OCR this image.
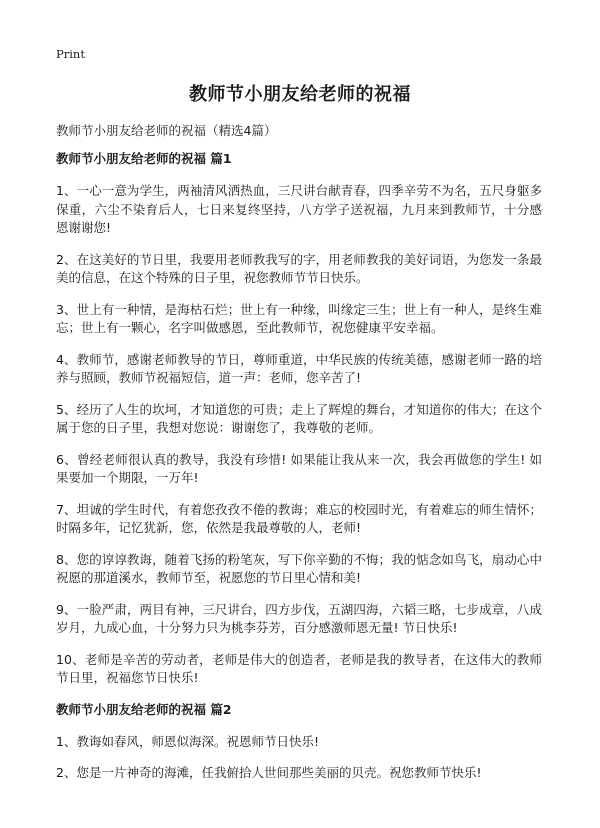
Print
教师节小朋友给老师的祝福

教师节小朋友给老师的祝福（精选4篇）

教师节小朋友给老师的祝福 篇1

1、一心一意为学生，两袖清风洒热血，三尺讲台献青春，四季辛劳不为名，五尺身躯多保重，六尘不染育后人，七日来复终坚持，八方学子送祝福，九月来到教师节，十分感恩谢谢您!

2、在这美好的节日里，我要用老师教我写的字，用老师教我的美好词语，为您发一条最美的信息，在这个特殊的日子里，祝您教师节节日快乐。

3、世上有一种情，是海枯石烂；世上有一种缘，叫缘定三生；世上有一种人，是终生难忘；世上有一颗心，名字叫做感恩，至此教师节，祝您健康平安幸福。

4、教师节，感谢老师教导的节日，尊师重道，中华民族的传统美德，感谢老师一路的培养与照顾，教师节祝福短信，道一声：老师，您辛苦了!

5、经历了人生的坎坷，才知道您的可贵；走上了辉煌的舞台，才知道你的伟大；在这个属于您的日子里，我想对您说：谢谢您了，我尊敬的老师。

6、曾经老师很认真的教导，我没有珍惜! 如果能让我从来一次，我会再做您的学生! 如果要加一个期限，一万年!

7、坦诚的学生时代，有着您孜孜不倦的教诲；难忘的校园时光，有着难忘的师生情怀；时隔多年，记忆犹新，您，依然是我最尊敬的人，老师!

8、您的谆谆教诲，随着飞扬的粉笔灰，写下你辛勤的不悔；我的惦念如鸟飞，扇动心中祝愿的那道溪水，教师节至，祝愿您的节日里心情和美!

9、一脸严肃，两目有神，三尺讲台，四方步伐，五湖四海，六韬三略，七步成章，八成岁月，九成心血，十分努力只为桃李芬芳，百分感激师恩无量! 节日快乐!

10、老师是辛苦的劳动者，老师是伟大的创造者，老师是我的教导者，在这伟大的教师节日里，祝福您节日快乐!

教师节小朋友给老师的祝福 篇2

1、教诲如春风，师恩似海深。祝恩师节日快乐!

2、您是一片神奇的海滩，任我俯拾人世间那些美丽的贝壳。祝您教师节快乐!
